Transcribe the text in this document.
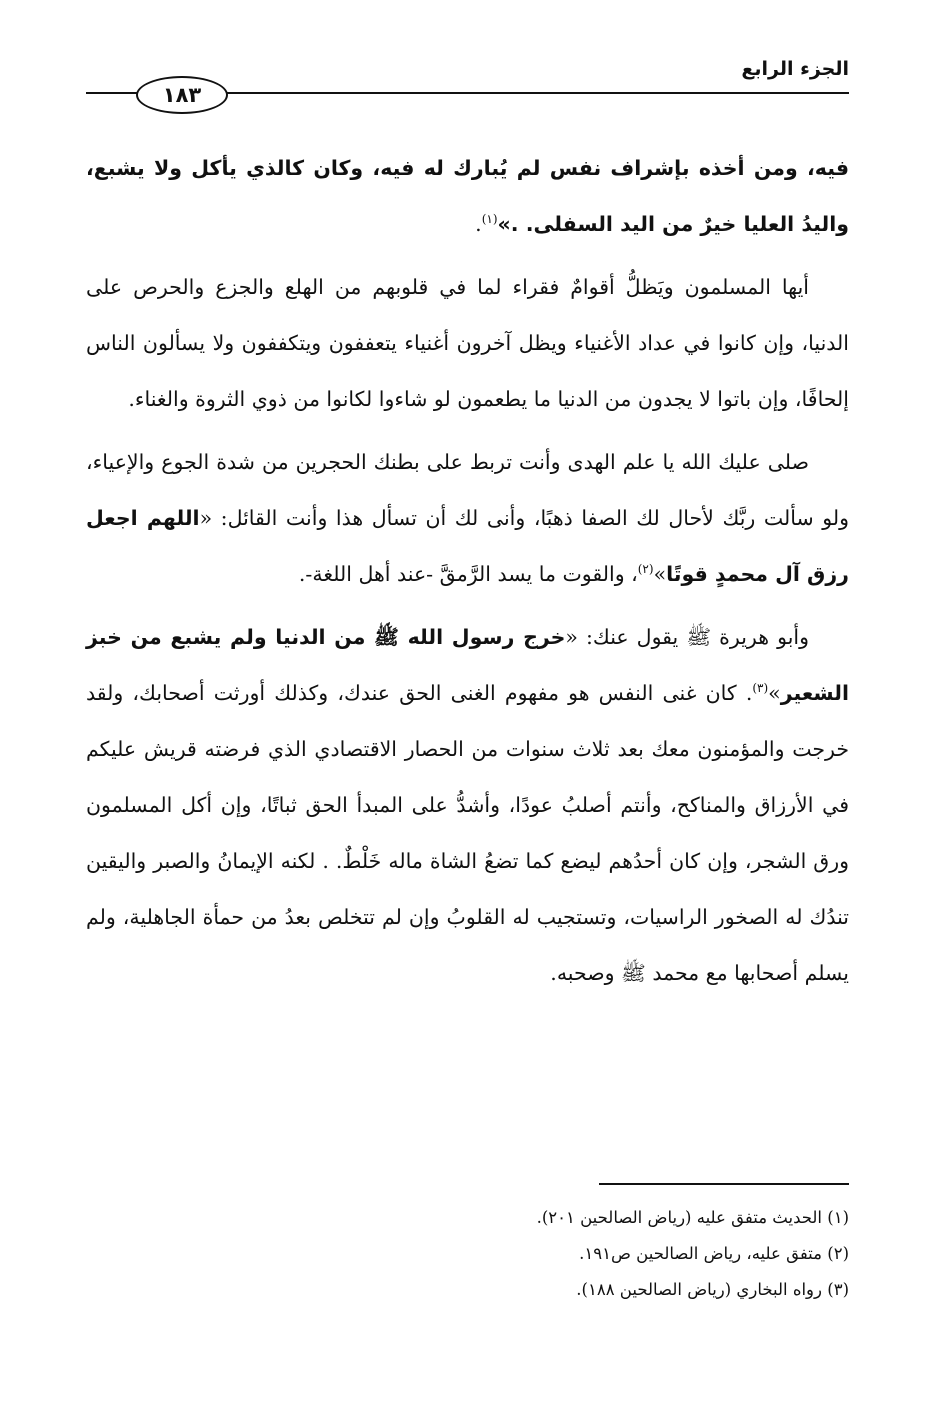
الجزء الرابع
١٨٣

فيه، ومن أخذه بإشراف نفس لم يُبارك له فيه، وكان كالذي يأكل ولا يشبع، واليدُ العليا خيرٌ من اليد السفلى. .»$^{(١)}$.

أيها المسلمون ويَظلُّ أقوامٌ فقراء لما في قلوبهم من الهلع والجزع والحرص على الدنيا، وإن كانوا في عداد الأغنياء ويظل آخرون أغنياء يتعففون ويتكففون ولا يسألون الناس إلحافًا، وإن باتوا لا يجدون من الدنيا ما يطعمون لو شاءوا لكانوا من ذوي الثروة والغناء.

صلى عليك الله يا علم الهدى وأنت تربط على بطنك الحجرين من شدة الجوع والإعياء، ولو سألت ربَّك لأحال لك الصفا ذهبًا، وأنى لك أن تسأل هذا وأنت القائل: «اللهم اجعل رزق آل محمدٍ قوتًا»$^{(٢)}$، والقوت ما يسد الرَّمقَّ -عند أهل اللغة-.

وأبو هريرة ﷺ يقول عنك: «خرج رسول الله ﷺ من الدنيا ولم يشبع من خبز الشعير»$^{(٣)}$. كان غنى النفس هو مفهوم الغنى الحق عندك، وكذلك أورثت أصحابك، ولقد خرجت والمؤمنون معك بعد ثلاث سنوات من الحصار الاقتصادي الذي فرضته قريش عليكم في الأرزاق والمناكح، وأنتم أصلبُ عودًا، وأشدُّ على المبدأ الحق ثباتًا، وإن أكل المسلمون ورق الشجر، وإن كان أحدُهم ليضع كما تضعُ الشاة ماله خَلْطٌ. . لكنه الإيمانُ والصبر واليقين تندُك له الصخور الراسيات، وتستجيب له القلوبُ وإن لم تتخلص بعدُ من حمأة الجاهلية، ولم يسلم أصحابها مع محمد ﷺ وصحبه.

(١) الحديث متفق عليه (رياض الصالحين ٢٠١).

(٢) متفق عليه، رياض الصالحين ص١٩١.

(٣) رواه البخاري (رياض الصالحين ١٨٨).
